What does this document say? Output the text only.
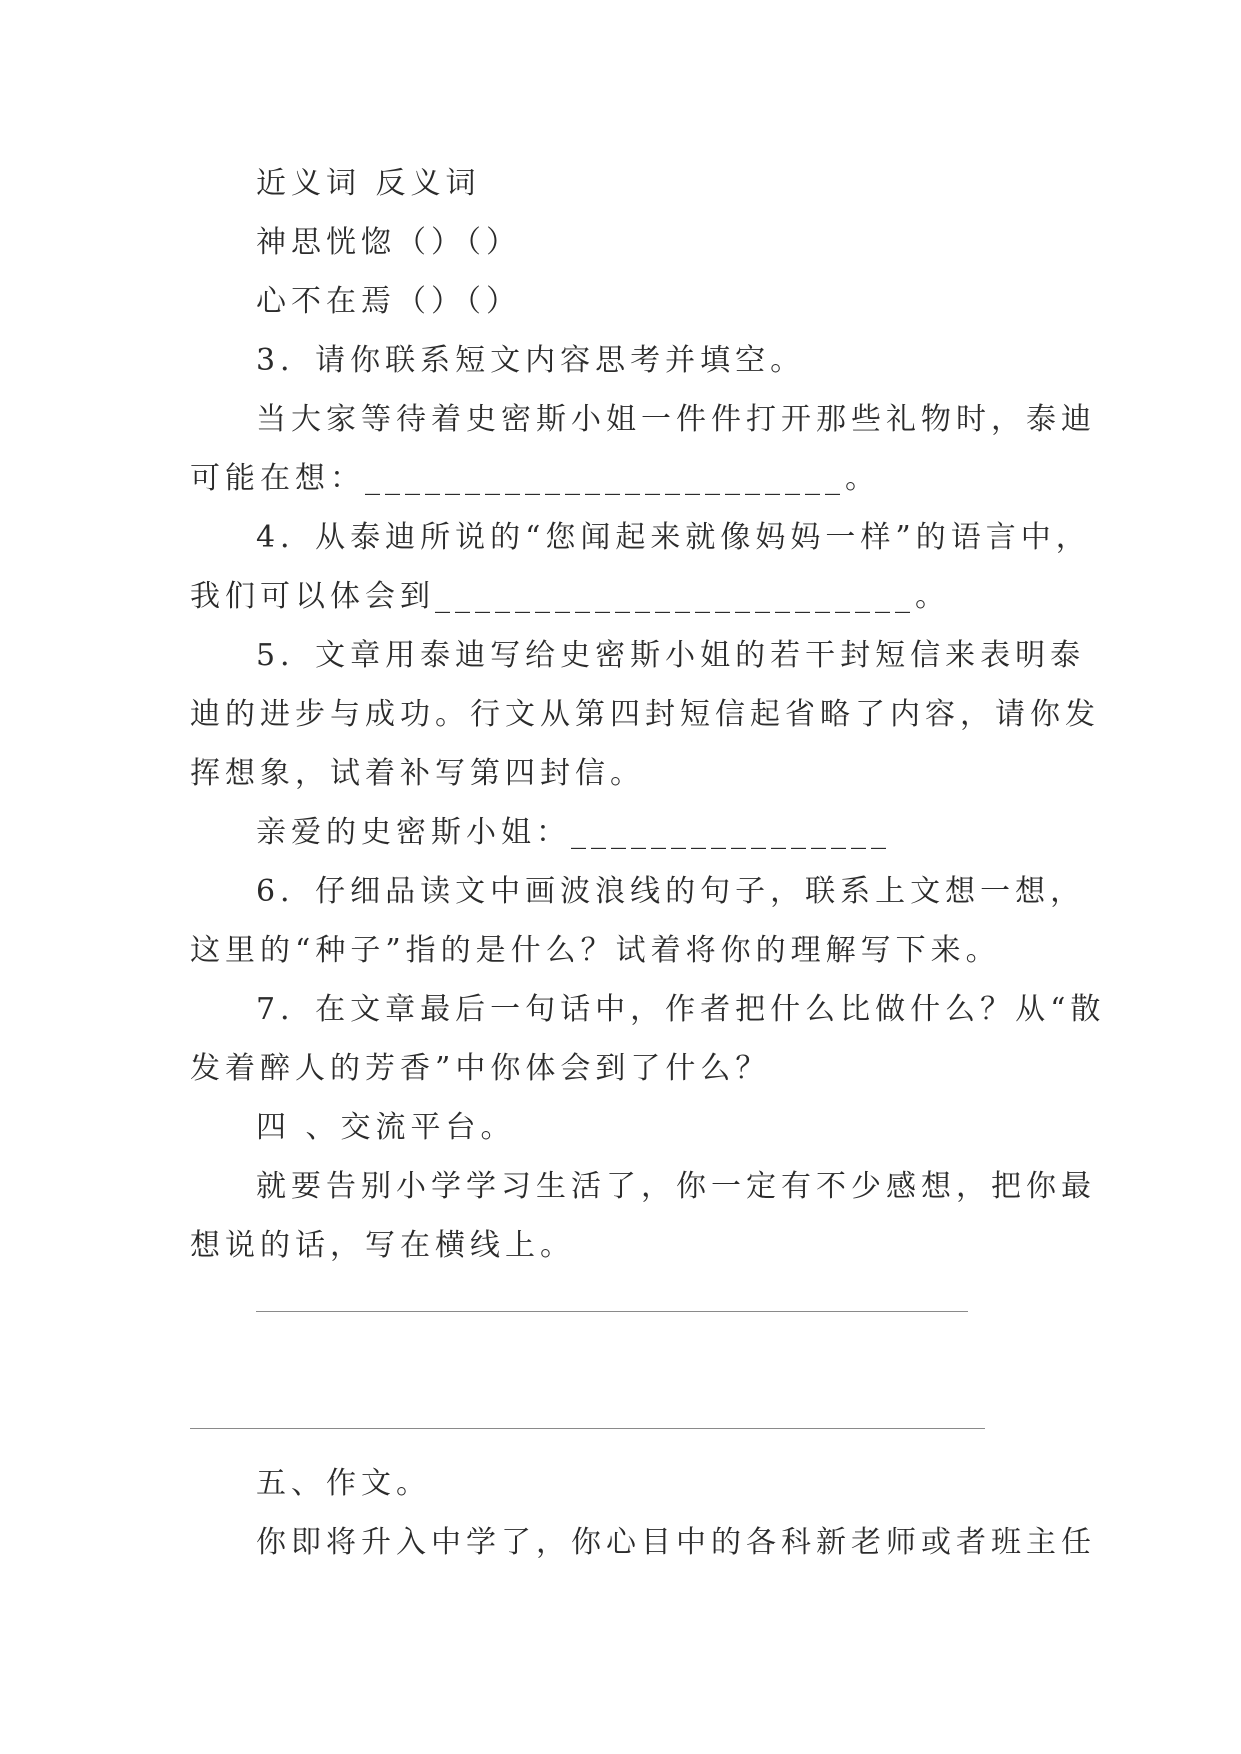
近义词 反义词
神思恍惚（）（）
心不在焉（）（）
3．请你联系短文内容思考并填空。
当大家等待着史密斯小姐一件件打开那些礼物时，泰迪
可能在想：________________________。
4．从泰迪所说的“您闻起来就像妈妈一样”的语言中，
我们可以体会到________________________。
5．文章用泰迪写给史密斯小姐的若干封短信来表明泰
迪的进步与成功。行文从第四封短信起省略了内容，请你发
挥想象，试着补写第四封信。
亲爱的史密斯小姐：________________
6．仔细品读文中画波浪线的句子，联系上文想一想，
这里的“种子”指的是什么？试着将你的理解写下来。
7．在文章最后一句话中，作者把什么比做什么？从“散
发着醉人的芳香”中你体会到了什么？
四 、交流平台。
就要告别小学学习生活了，你一定有不少感想，把你最
想说的话，写在横线上。
五、作文。
你即将升入中学了，你心目中的各科新老师或者班主任
